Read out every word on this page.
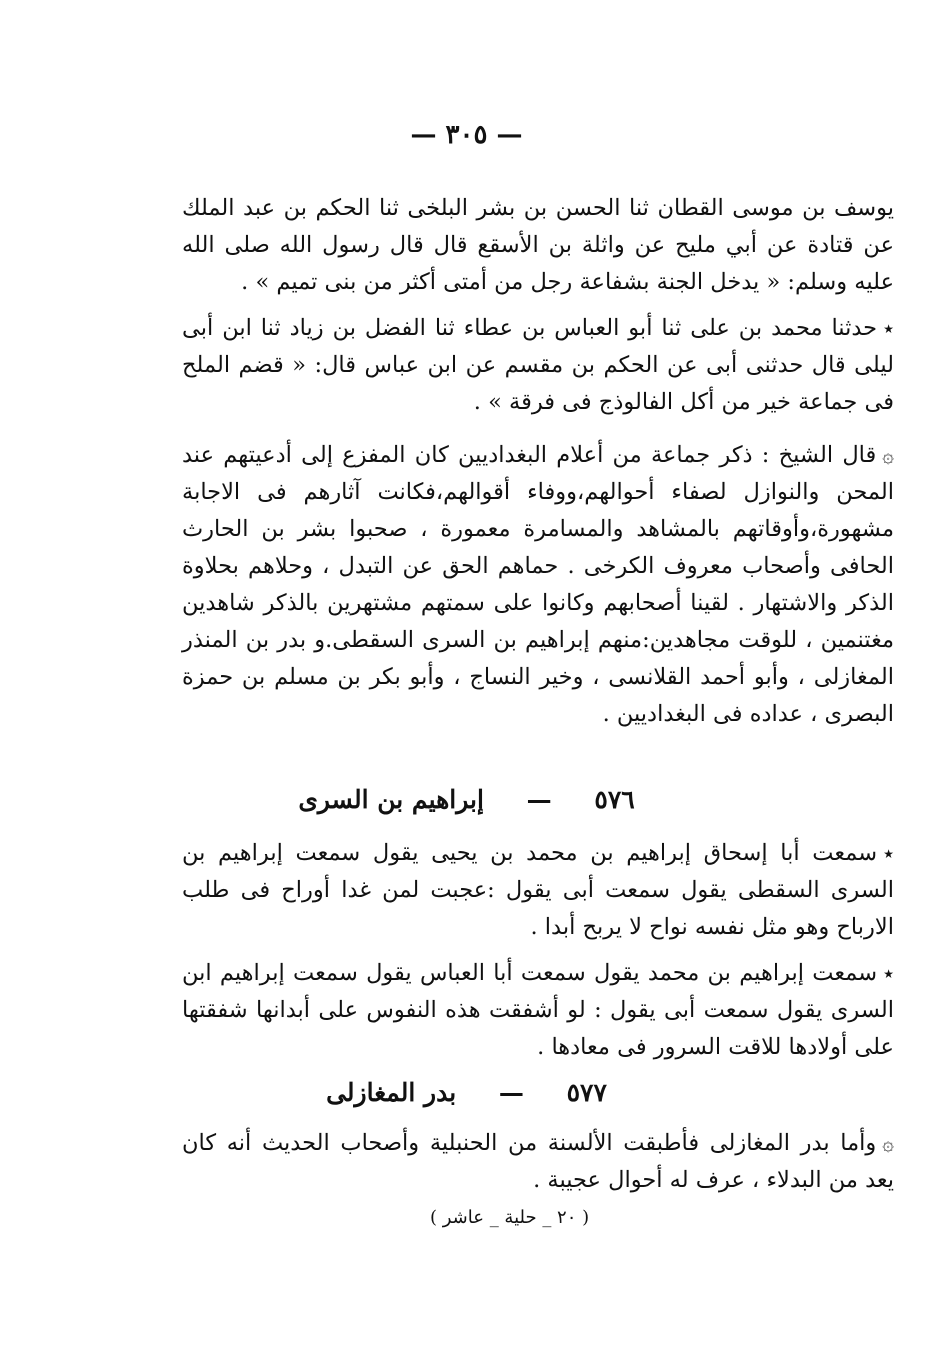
— ٣٠٥ —
يوسف بن موسى القطان ثنا الحسن بن بشر البلخى ثنا الحكم بن عبد الملك عن قتادة عن أبي مليح عن واثلة بن الأسقع قال قال رسول الله صلى الله عليه وسلم: « يدخل الجنة بشفاعة رجل من أمتى أكثر من بنى تميم » .
٭حدثنا محمد بن على ثنا أبو العباس بن عطاء ثنا الفضل بن زياد ثنا ابن أبى ليلى قال حدثنى أبى عن الحكم بن مقسم عن ابن عباس قال: « قضم الملح فى جماعة خير من أكل الفالوذج فى فرقة » .
۞قال الشيخ : ذكر جماعة من أعلام البغداديين كان المفزع إلى أدعيتهم عند المحن والنوازل لصفاء أحوالهم،ووفاء أقوالهم،فكانت آثارهم فى الاجابة مشهورة،وأوقاتهم بالمشاهد والمسامرة معمورة ، صحبوا بشر بن الحارث الحافى وأصحاب معروف الكرخى . حماهم الحق عن التبدل ، وحلاهم بحلاوة الذكر والاشتهار . لقينا أصحابهم وكانوا على سمتهم مشتهرين بالذكر شاهدين مغتنمين ، للوقت مجاهدين:منهم إبراهيم بن السرى السقطى.و بدر بن المنذر المغازلى ، وأبو أحمد القلانسى ، وخير النساج ، وأبو بكر بن مسلم بن حمزة البصرى ، عداده فى البغداديين .
٥٧٦ — إبراهيم بن السرى
٭سمعت أبا إسحاق إبراهيم بن محمد بن يحيى يقول سمعت إبراهيم بن السرى السقطى يقول سمعت أبى يقول :عجبت لمن غدا أوراح فى طلب الارباح وهو مثل نفسه نواح لا يربح أبدا .
٭سمعت إبراهيم بن محمد يقول سمعت أبا العباس يقول سمعت إبراهيم ابن السرى يقول سمعت أبى يقول : لو أشفقت هذه النفوس على أبدانها شفقتها على أولادها للاقت السرور فى معادها .
٥٧٧ — بدر المغازلى
۞وأما بدر المغازلى فأطبقت الألسنة من الحنبلية وأصحاب الحديث أنه كان يعد من البدلاء ، عرف له أحوال عجيبة .
( ٢٠ _ حلية _ عاشر )
